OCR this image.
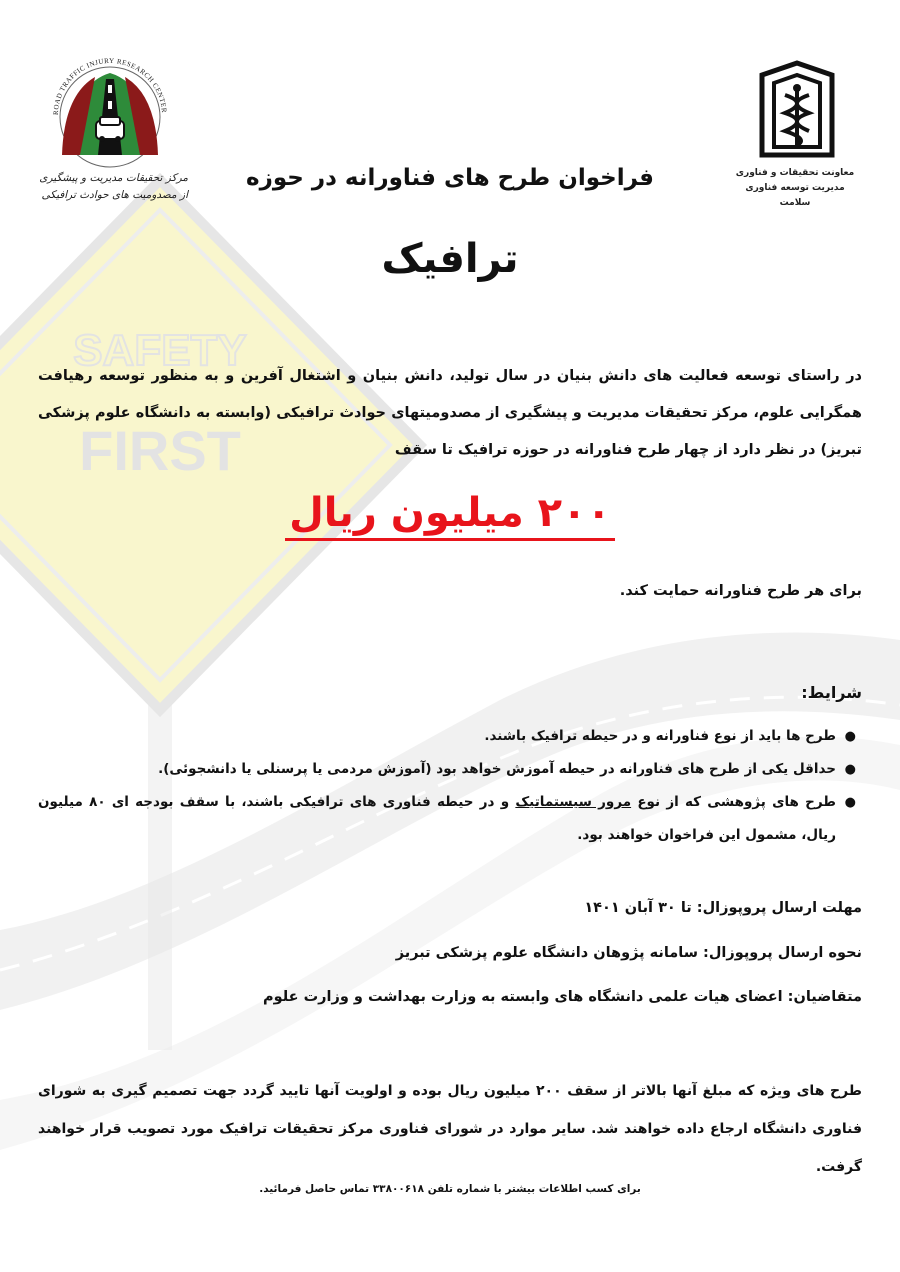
SAFETY
FIRST
ROAD TRAFFIC INJURY RESEARCH CENTER
مرکز تحقیقات مدیریت و پیشگیری
از مصدومیت های حوادث ترافیکی
معاونت تحقیقات و فناوری
مدیریت توسعه فناوری سلامت
فراخوان طرح های فناورانه در حوزه
ترافیک
در راستای توسعه فعالیت های دانش بنیان در سال تولید، دانش بنیان و اشتغال آفرین و به منظور توسعه رهیافت همگرایی علوم، مرکز تحقیقات مدیریت و پیشگیری از مصدومیتهای حوادث ترافیکی (وابسته به دانشگاه علوم پزشکی تبریز) در نظر دارد از چهار طرح فناورانه در حوزه ترافیک تا سقف
۲۰۰ میلیون ریال
برای هر طرح فناورانه حمایت کند.
شرایط:
●
طرح ها باید از نوع فناورانه و در حیطه ترافیک باشند.
●
حداقل یکی از طرح های فناورانه در حیطه آموزش خواهد بود (آموزش مردمی یا پرسنلی یا دانشجوئی).
●
طرح های پژوهشی که از نوع مرور سیستماتیک و در حیطه فناوری های ترافیکی باشند، با سقف بودجه ای ۸۰ میلیون ریال، مشمول این فراخوان خواهند بود.
مهلت ارسال پروپوزال: تا ۳۰ آبان ۱۴۰۱
نحوه ارسال پروپوزال: سامانه پژوهان دانشگاه علوم پزشکی تبریز
متقاضیان: اعضای هیات علمی دانشگاه های وابسته به وزارت بهداشت و وزارت علوم
طرح های ویژه که مبلغ آنها بالاتر از سقف ۲۰۰ میلیون ریال بوده و اولویت آنها تایید گردد جهت تصمیم گیری به شورای فناوری دانشگاه ارجاع داده خواهند شد. سایر موارد در شورای فناوری مرکز تحقیقات ترافیک مورد تصویب قرار خواهند گرفت.
برای کسب اطلاعات بیشتر با شماره تلفن ۳۳۸۰۰۶۱۸ تماس حاصل فرمائید.
